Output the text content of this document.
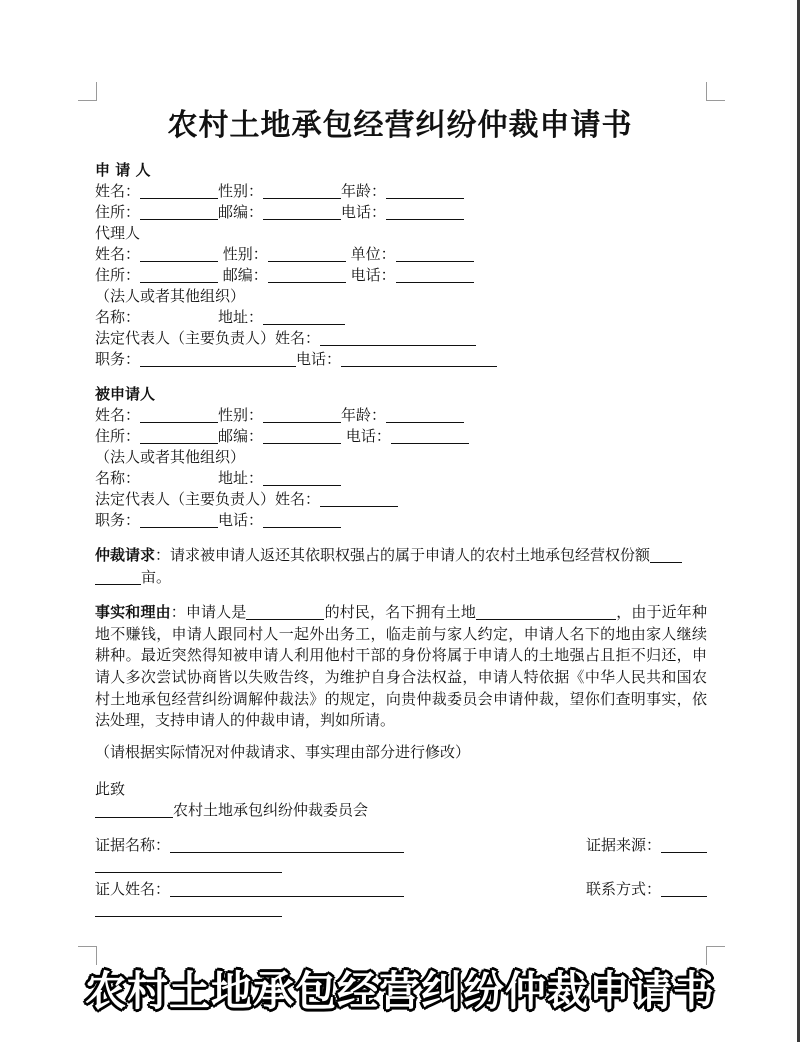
农村土地承包经营纠纷仲裁申请书
申 请 人
姓名：	性别：	年龄：
住所：	邮编：	电话：
代理人
姓名：	性别：	单位：
住所：	邮编：	电话：
（法人或者其他组织）
名称：	地址：
法定代表人（主要负责人）姓名：
职务：	电话：
被申请人
姓名：	性别：	年龄：
住所：	邮编：	电话：
（法人或者其他组织）
名称：	地址：
法定代表人（主要负责人）姓名：
职务：	电话：
仲裁请求：请求被申请人返还其依职权强占的属于申请人的农村土地承包经营权份额
亩。
事实和理由：申请人是	的村民，名下拥有土地	，由于近年种地不赚钱，申请人跟同村人一起外出务工，临走前与家人约定，申请人名下的地由家人继续耕种。最近突然得知被申请人利用他村干部的身份将属于申请人的土地强占且拒不归还，申请人多次尝试协商皆以失败告终，为维护自身合法权益，申请人特依据《中华人民共和国农村土地承包经营纠纷调解仲裁法》的规定，向贵仲裁委员会申请仲裁，望你们查明事实，依法处理，支持申请人的仲裁申请，判如所请。
（请根据实际情况对仲裁请求、事实理由部分进行修改）
此致
农村土地承包纠纷仲裁委员会
证据名称：	证据来源：
证人姓名：	联系方式：
农村土地承包经营纠纷仲裁申请书
